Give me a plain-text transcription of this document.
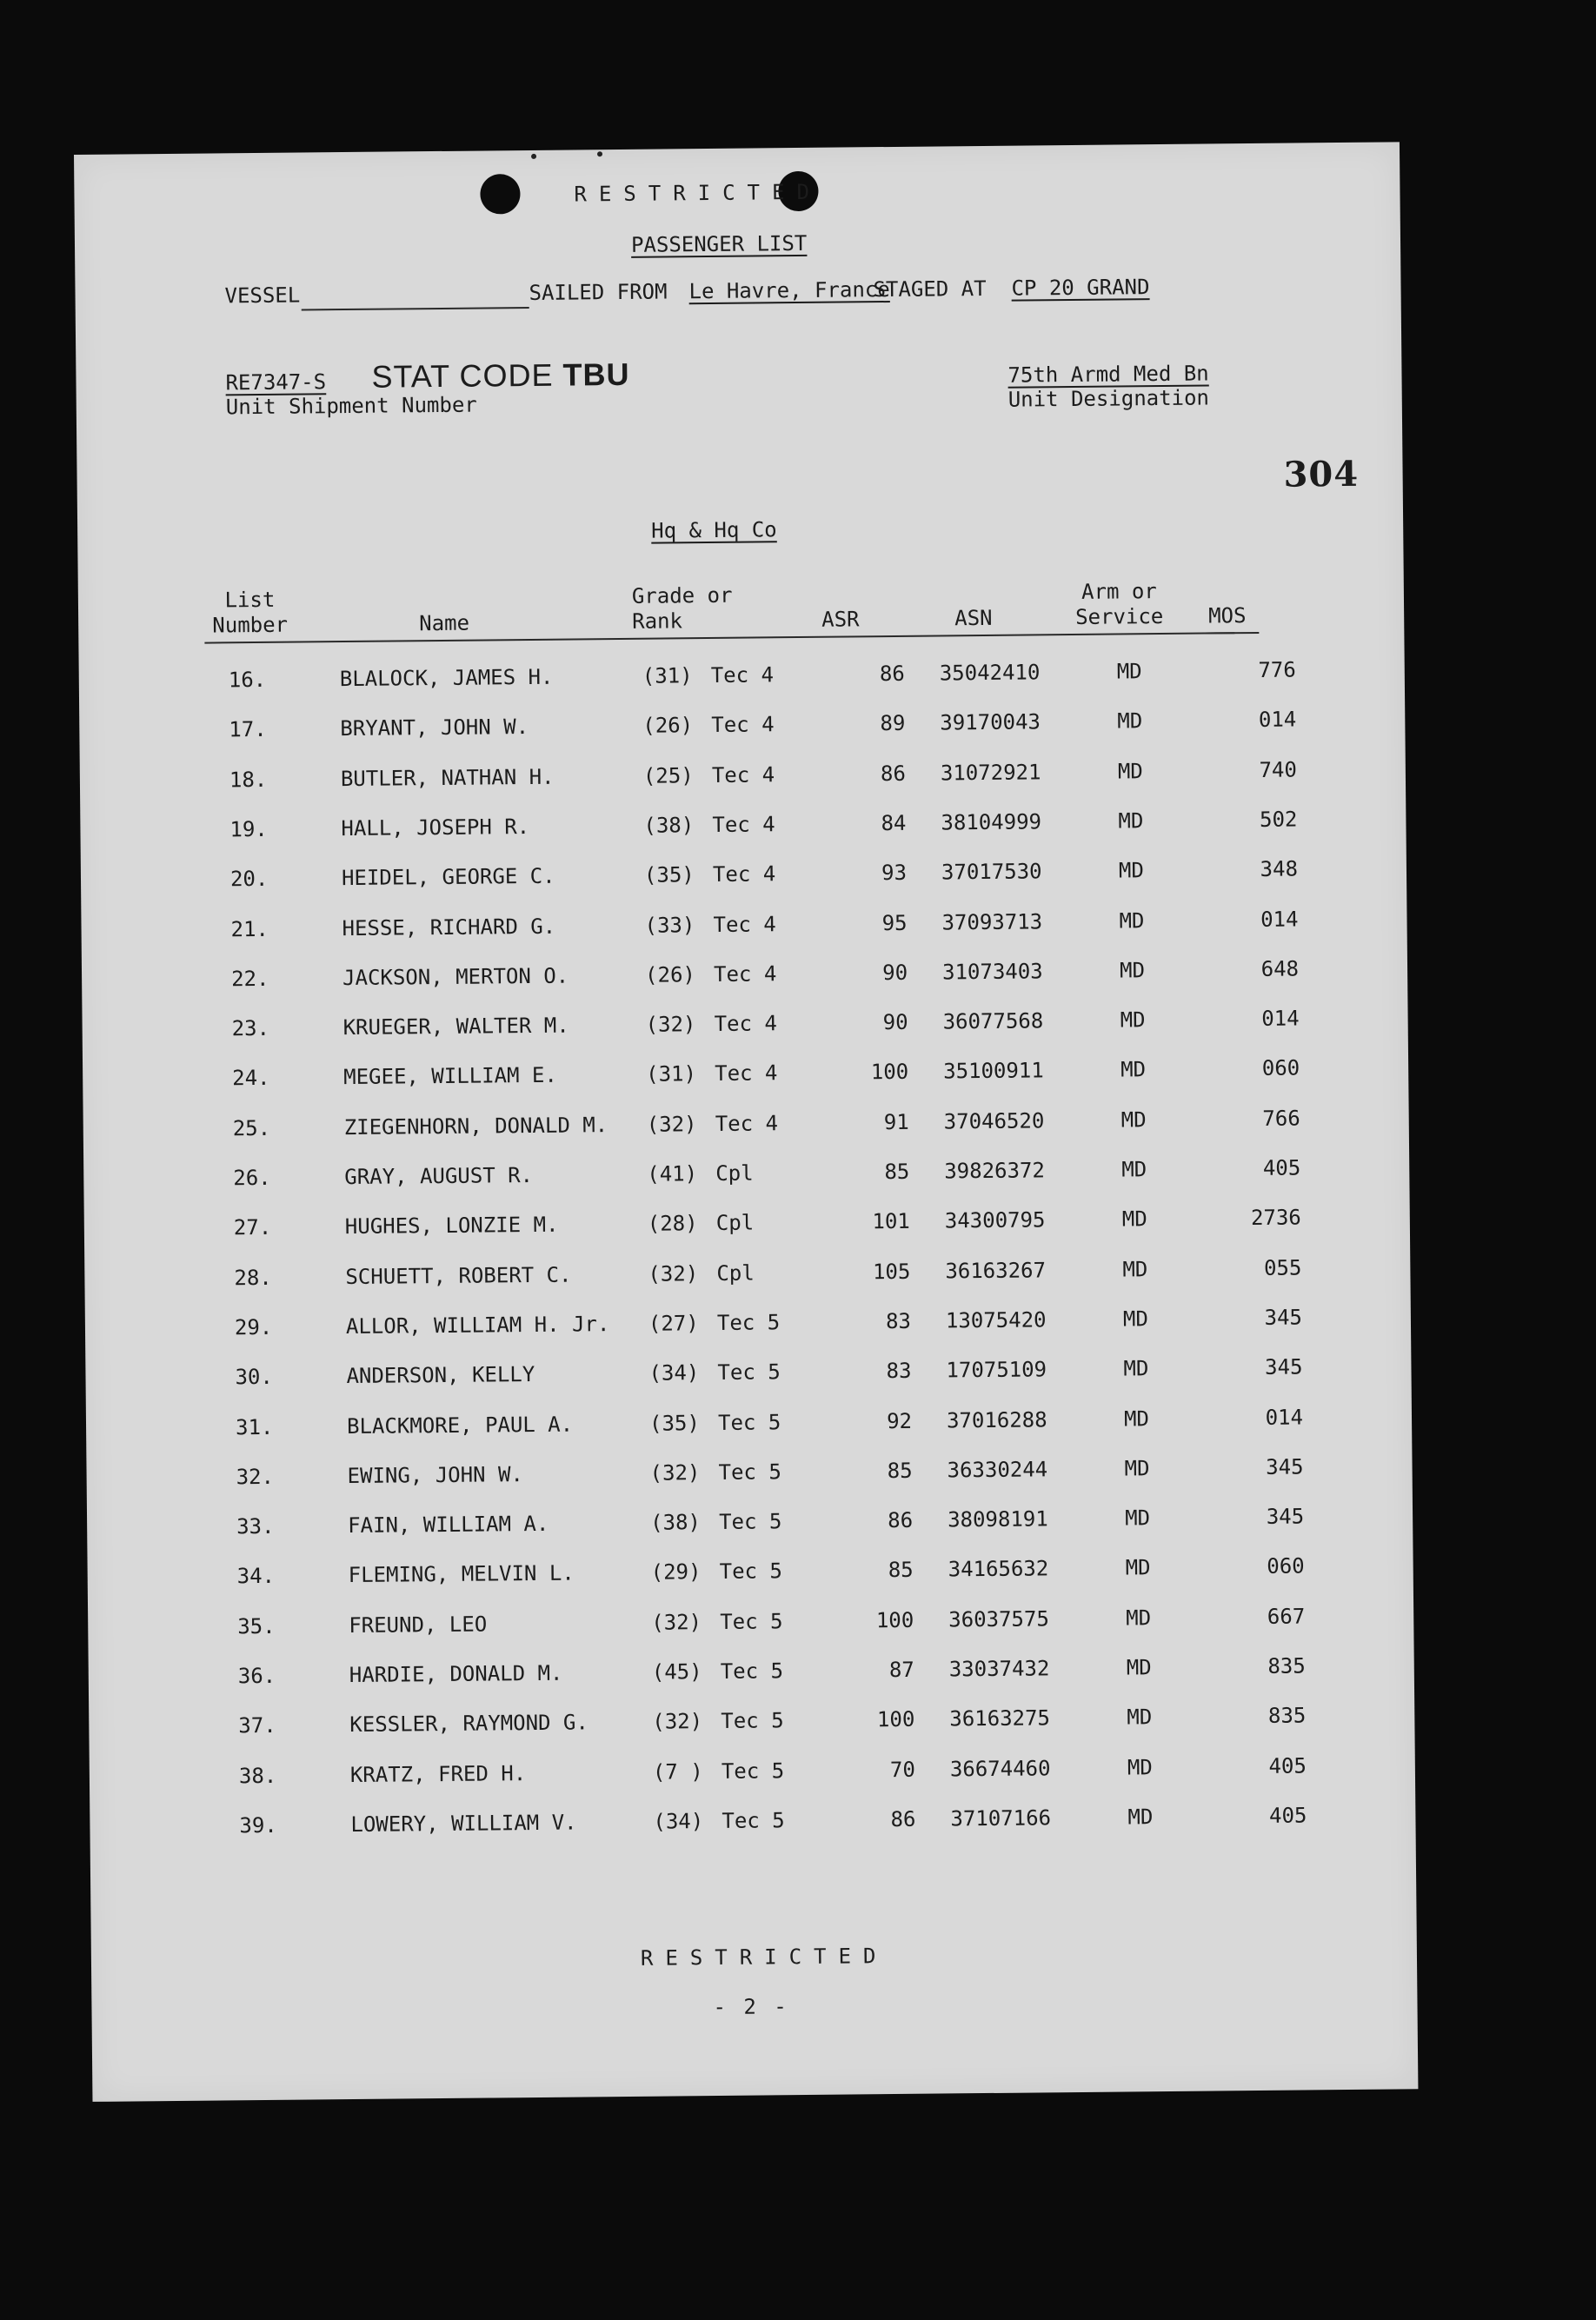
RESTRICTED
PASSENGER LIST
VESSEL	SAILED FROM Le Havre, France
STAGED AT CP 20 GRAND
RE7347-S STAT CODE TBU
Unit Shipment Number
75th Armd Med Bn
Unit Designation
304
Hq & Hq Co
List
Number	Name
Grade or
Rank	ASR	ASN
Arm or
Service MOS
16.	BLALOCK, JAMES H.	(31) Tec 4	86 35042410	MD	776
17.	BRYANT, JOHN W.	(26) Tec 4	89 39170043	MD	014
18.	BUTLER, NATHAN H.	(25) Tec 4	86 31072921	MD	740
19.	HALL, JOSEPH R.	(38) Tec 4	84 38104999	MD	502
20.	HEIDEL, GEORGE C.	(35) Tec 4	93 37017530	MD	348
21.	HESSE, RICHARD G.	(33) Tec 4	95 37093713	MD	014
22.	JACKSON, MERTON O.	(26) Tec 4	90 31073403	MD	648
23.	KRUEGER, WALTER M.	(32) Tec 4	90 36077568	MD	014
24.	MEGEE, WILLIAM E.	(31) Tec 4	100 35100911	MD	060
25.	ZIEGENHORN, DONALD M. (32) Tec 4	91 37046520	MD	766
26.	GRAY, AUGUST R.	(41) Cpl	85 39826372	MD	405
27.	HUGHES, LONZIE M.	(28) Cpl	101 34300795	MD	2736
28.	SCHUETT, ROBERT C.	(32) Cpl	105 36163267	MD	055
29.	ALLOR, WILLIAM H. Jr. (27) Tec 5	83 13075420	MD	345
30.	ANDERSON, KELLY	(34) Tec 5	83 17075109	MD	345
31.	BLACKMORE, PAUL A.	(35) Tec 5	92 37016288	MD	014
32.	EWING, JOHN W.	(32) Tec 5	85 36330244	MD	345
33.	FAIN, WILLIAM A.	(38) Tec 5	86 38098191	MD	345
34.	FLEMING, MELVIN L.	(29) Tec 5	85 34165632	MD	060
35.	FREUND, LEO	(32) Tec 5	100 36037575	MD	667
36.	HARDIE, DONALD M.	(45) Tec 5	87 33037432	MD	835
37.	KESSLER, RAYMOND G.	(32) Tec 5	100 36163275	MD	835
38.	KRATZ, FRED H.	(7 ) Tec 5	70 36674460	MD	405
39.	LOWERY, WILLIAM V.	(34) Tec 5	86 37107166	MD	405
RESTRICTED
- 2 -
